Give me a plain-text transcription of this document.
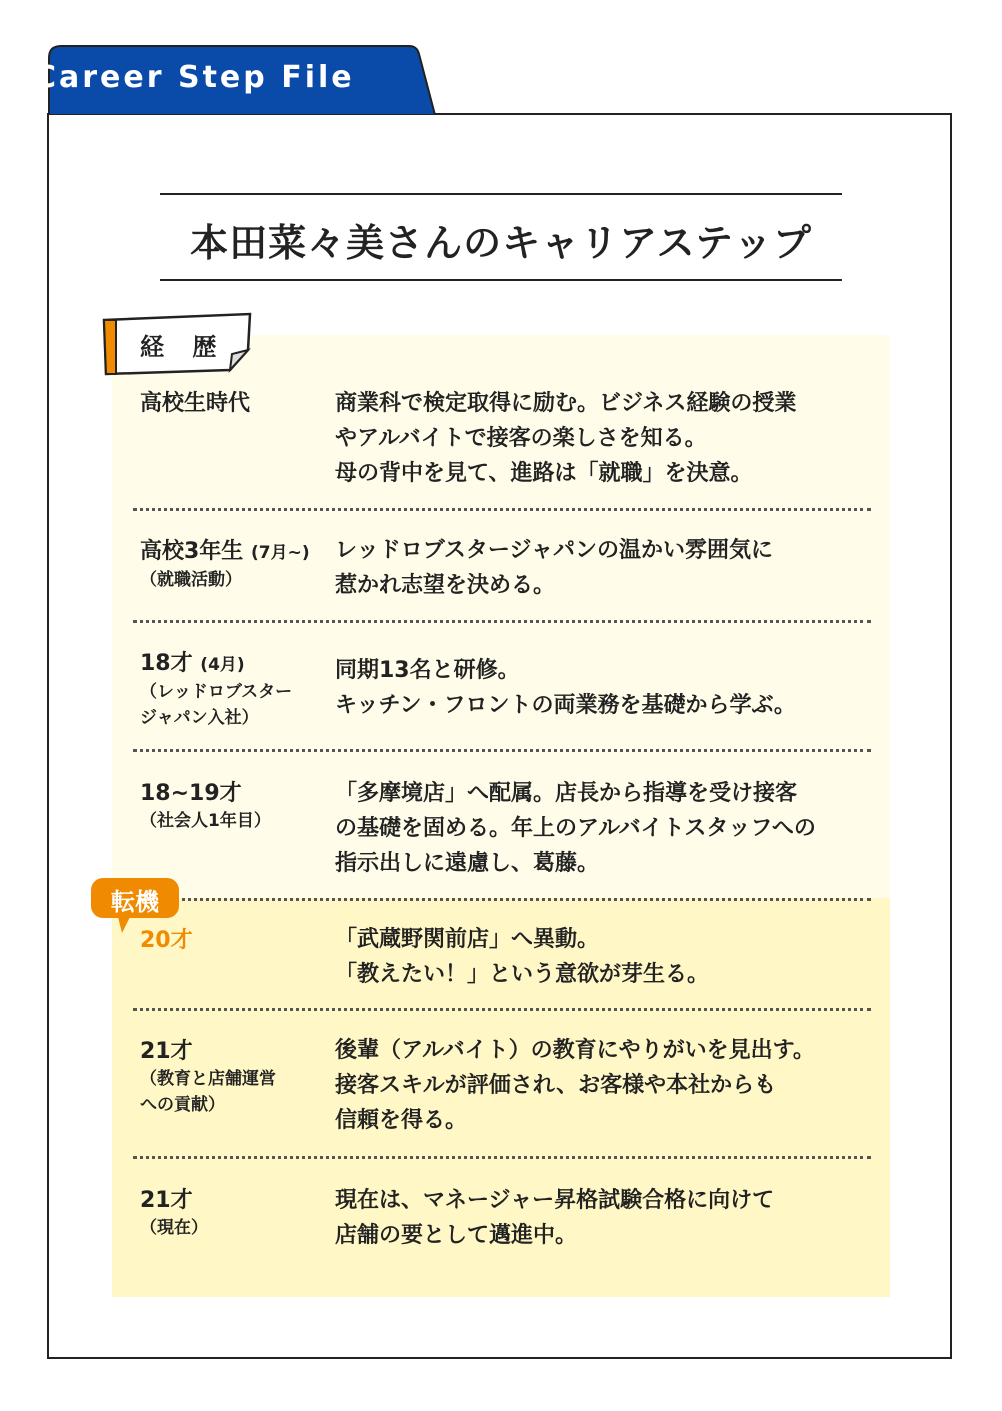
Career Step File
本田菜々美さんのキャリアステップ
経 歴
高校生時代	商業科で検定取得に励む。ビジネス経験の授業
やアルバイトで接客の楽しさを知る。
母の背中を見て、進路は「就職」を決意。
高校3年生 (7月~)
（就職活動）
レッドロブスタージャパンの温かい雰囲気に
惹かれ志望を決める。
18才 (4月)
（レッドロブスター
ジャパン入社）
同期13名と研修。
キッチン・フロントの両業務を基礎から学ぶ。
18~19才
（社会人1年目）
「多摩境店」へ配属。店長から指導を受け接客
の基礎を固める。年上のアルバイトスタッフへの
指示出しに遠慮し、葛藤。
転機
20才	「武蔵野関前店」へ異動。
「教えたい！」という意欲が芽生る。
21才
（教育と店舗運営
への貢献）
後輩（アルバイト）の教育にやりがいを見出す。
接客スキルが評価され、お客様や本社からも
信頼を得る。
21才
（現在）
現在は、マネージャー昇格試験合格に向けて
店舗の要として邁進中。
